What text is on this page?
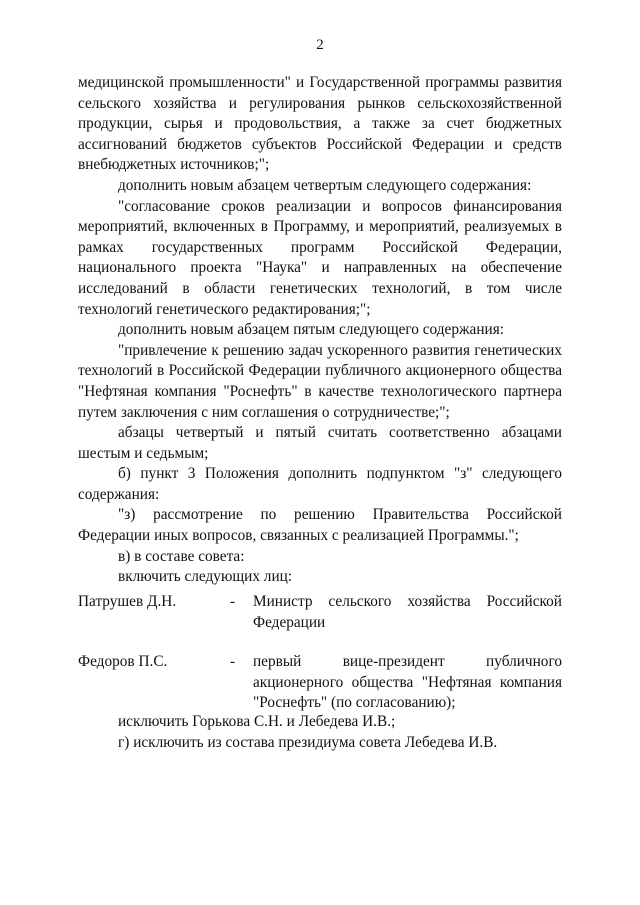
2

медицинской промышленности" и Государственной программы развития сельского хозяйства и регулирования рынков сельскохозяйственной продукции, сырья и продовольствия, а также за счет бюджетных ассигнований бюджетов субъектов Российской Федерации и средств внебюджетных источников;";

дополнить новым абзацем четвертым следующего содержания:

"согласование сроков реализации и вопросов финансирования мероприятий, включенных в Программу, и мероприятий, реализуемых в рамках государственных программ Российской Федерации, национального проекта "Наука" и направленных на обеспечение исследований в области генетических технологий, в том числе технологий генетического редактирования;";

дополнить новым абзацем пятым следующего содержания:

"привлечение к решению задач ускоренного развития генетических технологий в Российской Федерации публичного акционерного общества "Нефтяная компания "Роснефть" в качестве технологического партнера путем заключения с ним соглашения о сотрудничестве;";

абзацы четвертый и пятый считать соответственно абзацами шестым и седьмым;

б) пункт 3 Положения дополнить подпунктом "з" следующего содержания:

"з) рассмотрение по решению Правительства Российской Федерации иных вопросов, связанных с реализацией Программы.";

в) в составе совета:

включить следующих лиц:

Патрушев Д.Н.	- Министр сельского хозяйства Российской Федерации
Федоров П.С.	- первый вице-президент публичного акционерного общества "Нефтяная компания "Роснефть" (по согласованию);

исключить Горькова С.Н. и Лебедева И.В.;

г) исключить из состава президиума совета Лебедева И.В.
